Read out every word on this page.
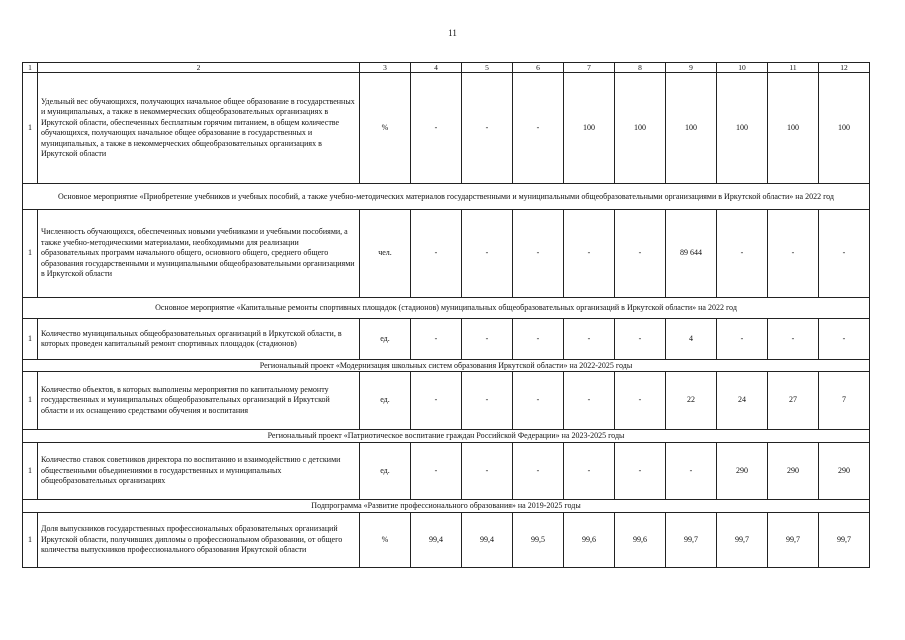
11
1	2	3	4	5	6	7	8	9	10	11	12
1	Удельный вес обучающихся, получающих начальное общее образование в государственных и муниципальных, а также в некоммерческих общеобразовательных организациях в Иркутской области, обеспеченных бесплатным горячим питанием, в общем количестве обучающихся, получающих начальное общее образование в государственных и муниципальных, а также в некоммерческих общеобразовательных организациях в Иркутской области	%	-	-	-	100	100	100	100	100	100
Основное мероприятие «Приобретение учебников и учебных пособий, а также учебно-методических материалов государственными и муниципальными общеобразовательными организациями в Иркутской области» на 2022 год											
1	Численность обучающихся, обеспеченных новыми учебниками и учебными пособиями, а также учебно-методическими материалами, необходимыми для реализации образовательных программ начального общего, основного общего, среднего общего образования государственными и муниципальными общеобразовательными организациями в Иркутской области	чел.	-	-	-	-	-	89 644	-	-	-
Основное мероприятие «Капитальные ремонты спортивных площадок (стадионов) муниципальных общеобразовательных организаций в Иркутской области» на 2022 год											
1	Количество муниципальных общеобразовательных организаций в Иркутской области, в которых проведен капитальный ремонт спортивных площадок (стадионов)	ед.	-	-	-	-	-	4	-	-	-
Региональный проект «Модернизация школьных систем образования Иркутской области» на 2022-2025 годы											
1	Количество объектов, в которых выполнены мероприятия по капитальному ремонту государственных и муниципальных общеобразовательных организаций в Иркутской области и их оснащению средствами обучения и воспитания	ед.	-	-	-	-	-	22	24	27	7
Региональный проект «Патриотическое воспитание граждан Российской Федерации» на 2023-2025 годы											
1	Количество ставок советников директора по воспитанию и взаимодействию с детскими общественными объединениями в государственных и муниципальных общеобразовательных организациях	ед.	-	-	-	-	-	-	290	290	290
Подпрограмма «Развитие профессионального образования» на 2019-2025 годы											
1	Доля выпускников государственных профессиональных образовательных организаций Иркутской области, получивших дипломы о профессиональном образовании, от общего количества выпускников профессионального образования Иркутской области	%	99,4	99,4	99,5	99,6	99,6	99,7	99,7	99,7	99,7
